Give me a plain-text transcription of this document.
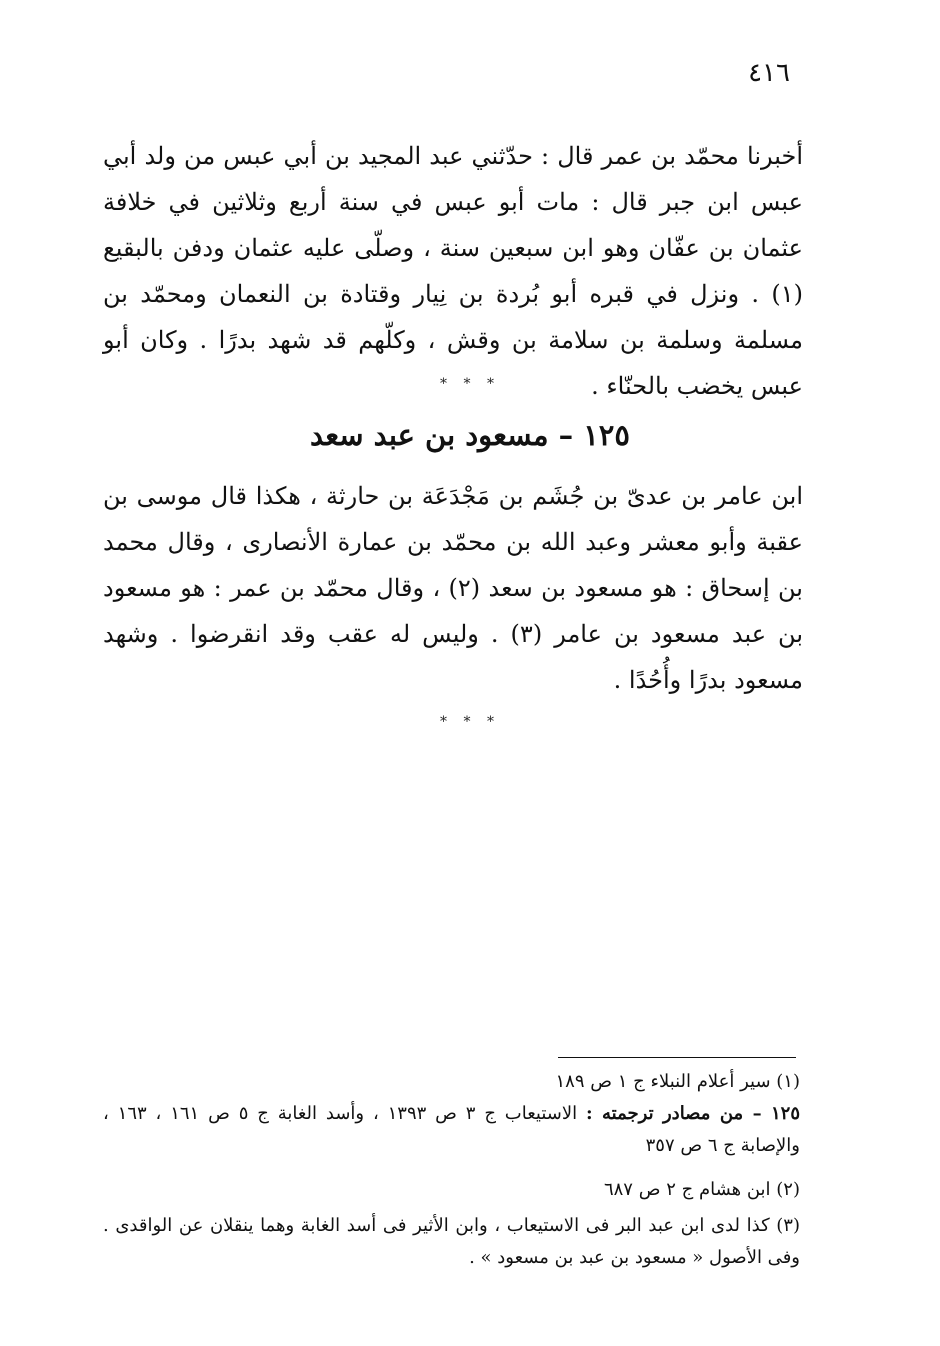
٤١٦
أخبرنا محمّد بن عمر قال : حدّثني عبد المجيد بن أبي عبس من ولد أبي عبس ابن جبر قال : مات أبو عبس في سنة أربع وثلاثين في خلافة عثمان بن عفّان وهو ابن سبعين سنة ، وصلّى عليه عثمان ودفن بالبقيع (١) . ونزل في قبره أبو بُردة بن نِيار وقتادة بن النعمان ومحمّد بن مسلمة وسلمة بن سلامة بن وقش ، وكلّهم قد شهد بدرًا . وكان أبو عبس يخضب بالحنّاء .
* * *
١٢٥ – مسعود بن عبد سعد
ابن عامر بن عدىّ بن جُشَم بن مَجْدَعَة بن حارثة ، هكذا قال موسى بن عقبة وأبو معشر وعبد الله بن محمّد بن عمارة الأنصارى ، وقال محمد بن إسحاق : هو مسعود بن سعد (٢) ، وقال محمّد بن عمر : هو مسعود بن عبد مسعود بن عامر (٣) . وليس له عقب وقد انقرضوا . وشهد مسعود بدرًا وأُحُدًا .
* * *
(١) سير أعلام النبلاء ج ١ ص ١٨٩
١٢٥ – من مصادر ترجمته : الاستيعاب ج ٣ ص ١٣٩٣ ، وأسد الغابة ج ٥ ص ١٦١ ، ١٦٣ ، والإصابة ج ٦ ص ٣٥٧
(٢) ابن هشام ج ٢ ص ٦٨٧
(٣) كذا لدى ابن عبد البر فى الاستيعاب ، وابن الأثير فى أسد الغابة وهما ينقلان عن الواقدى . وفى الأصول « مسعود بن عبد بن مسعود » .
